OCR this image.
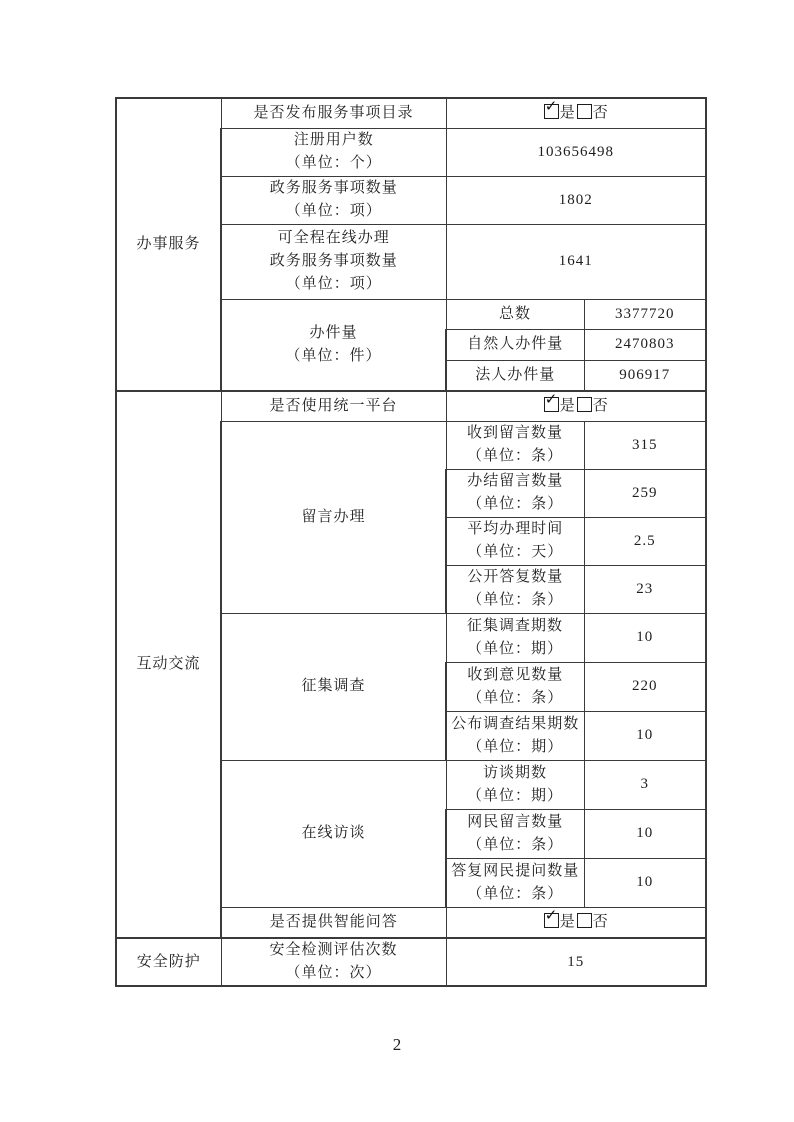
办事服务	是否发布服务事项目录	✓ 是 否	

	注册用户数
（单位：个）	103656498	

	政务服务事项数量
（单位：项）	1802	

	可全程在线办理
政务服务事项数量
（单位：项）	1641	

	办件量
（单位：件）	总数	3377720
		自然人办件量	2470803
		法人办件量	906917
互动交流	是否使用统一平台	✓ 是 否	
	留言办理	收到留言数量
（单位：条）	315

		办结留言数量
（单位：条）	259

		平均办理时间
（单位：天）	2.5

		公开答复数量
（单位：条）	23
	征集调查	征集调查期数
（单位：期）	10

		收到意见数量
（单位：条）	220

		公布调查结果期数
（单位：期）	10
	在线访谈	访谈期数
（单位：期）	3

		网民留言数量
（单位：条）	10

		答复网民提问数量
（单位：条）	10
	是否提供智能问答	✓ 是 否	
安全防护	安全检测评估次数
（单位：次）	15	
2
